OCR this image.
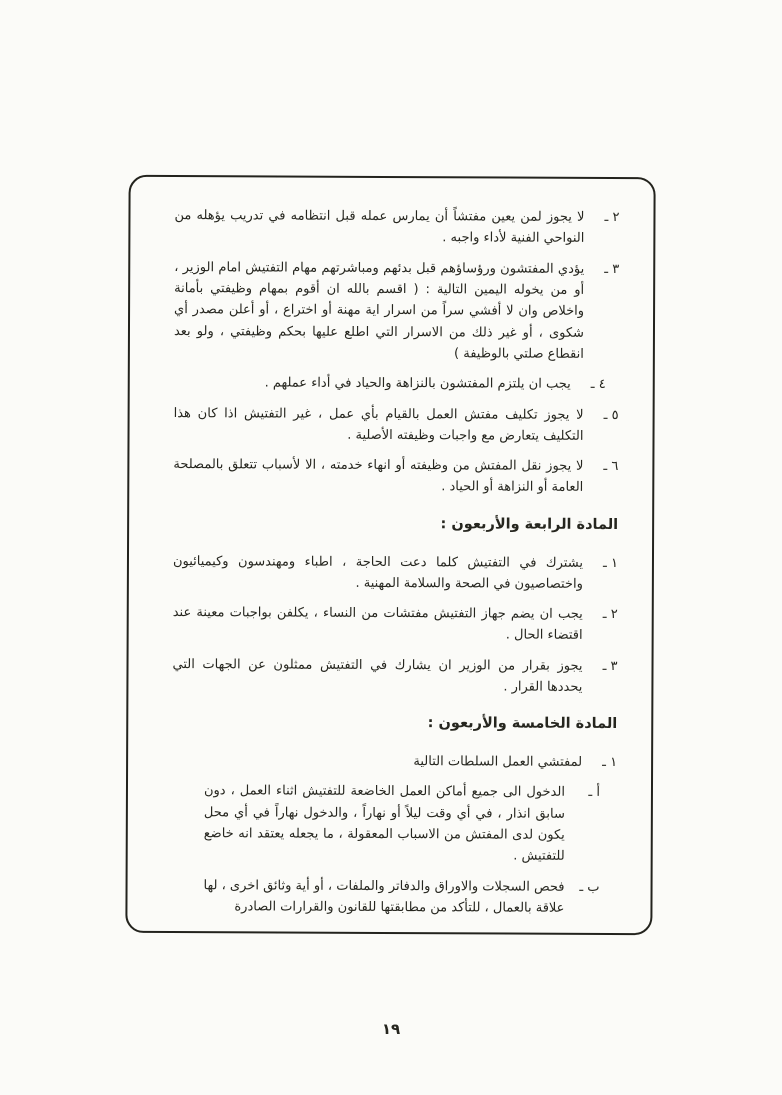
٢ ـ
لا يجوز لمن يعين مفتشاً أن يمارس عمله قبل انتظامه في تدريب يؤهله من النواحي الفنية لأداء واجبه .
٣ ـ
يؤدي المفتشون ورؤساؤهم قبل بدئهم ومباشرتهم مهام التفتيش امام الوزير ، أو من يخوله اليمين التالية : ( اقسم بالله ان أقوم بمهام وظيفتي بأمانة واخلاص وان لا أفشي سراً من اسرار اية مهنة أو اختراع ، أو أعلن مصدر أي شكوى ، أو غير ذلك من الاسرار التي اطلع عليها بحكم وظيفتي ، ولو بعد انقطاع صلتي بالوظيفة )
٤ ـ
يجب ان يلتزم المفتشون بالنزاهة والحياد في أداء عملهم .
٥ ـ
لا يجوز تكليف مفتش العمل بالقيام بأي عمل ، غير التفتيش اذا كان هذا التكليف يتعارض مع واجبات وظيفته الأصلية .
٦ ـ
لا يجوز نقل المفتش من وظيفته أو انهاء خدمته ، الا لأسباب تتعلق بالمصلحة العامة أو النزاهة أو الحياد .
المادة الرابعة والأربعون :
١ ـ
يشترك في التفتيش كلما دعت الحاجة ، اطباء ومهندسون وكيميائيون واختصاصيون في الصحة والسلامة المهنية .
٢ ـ
يجب ان يضم جهاز التفتيش مفتشات من النساء ، يكلفن بواجبات معينة عند اقتضاء الحال .
٣ ـ
يجوز بقرار من الوزير ان يشارك في التفتيش ممثلون عن الجهات التي يحددها القرار .
المادة الخامسة والأربعون :
١ ـ
لمفتشي العمل السلطات التالية
أ ـ
الدخول الى جميع أماكن العمل الخاضعة للتفتيش اثناء العمل ، دون سابق انذار ، في أي وقت ليلاً أو نهاراً ، والدخول نهاراً في أي محل يكون لدى المفتش من الاسباب المعقولة ، ما يجعله يعتقد انه خاضع للتفتيش .
ب ـ
فحص السجلات والاوراق والدفاتر والملفات ، أو أية وثائق اخرى ، لها علاقة بالعمال ، للتأكد من مطابقتها للقانون والقرارات الصادرة
١٩
